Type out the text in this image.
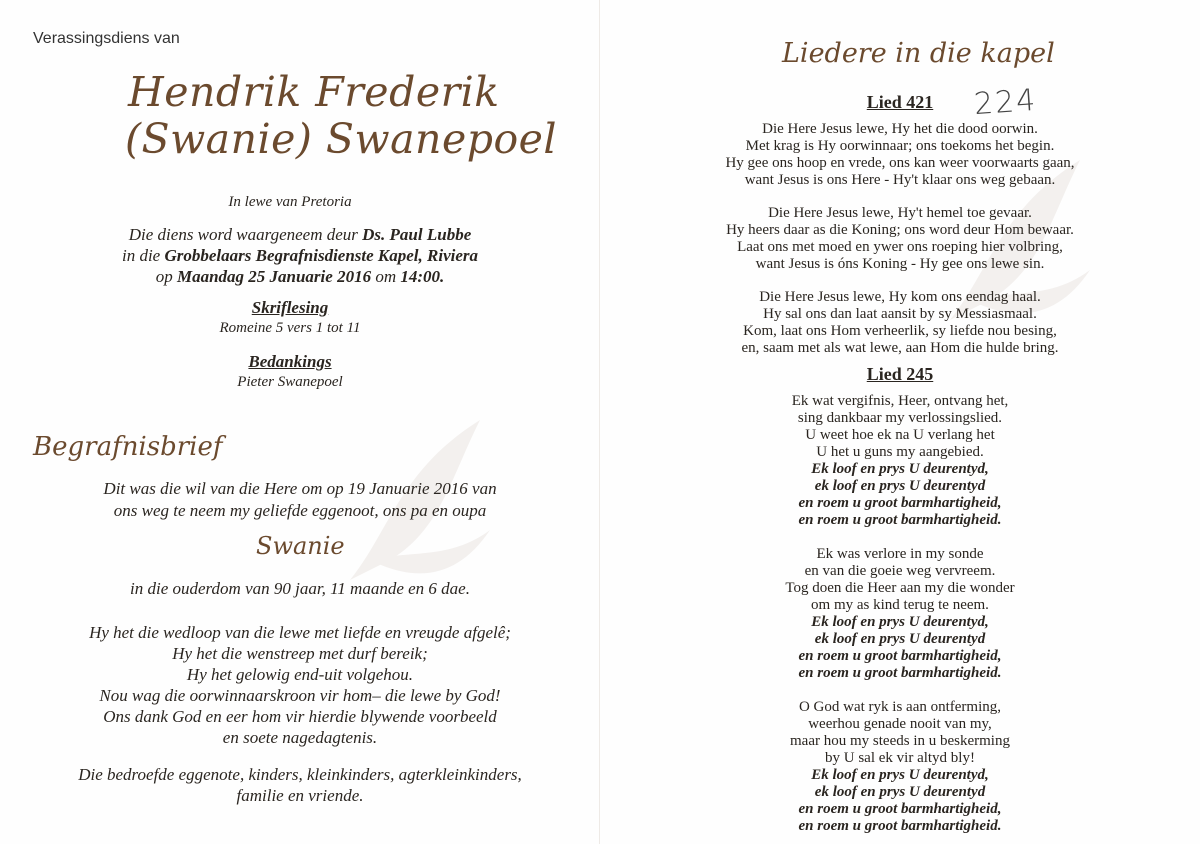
Verassingsdiens van
Hendrik Frederik
(Swanie) Swanepoel
In lewe van Pretoria
Die diens word waargeneem deur Ds. Paul Lubbe
in die Grobbelaars Begrafnisdienste Kapel, Riviera
op Maandag 25 Januarie 2016 om 14:00.
Skriflesing
Romeine 5 vers 1 tot 11
Bedankings
Pieter Swanepoel
Begrafnisbrief
Dit was die wil van die Here om op 19 Januarie 2016 van
ons weg te neem my geliefde eggenoot, ons pa en oupa
Swanie
in die ouderdom van 90 jaar, 11 maande en 6 dae.
Hy het die wedloop van die lewe met liefde en vreugde afgelê;
Hy het die wenstreep met durf bereik;
Hy het gelowig end-uit volgehou.
Nou wag die oorwinnaarskroon vir hom– die lewe by God!
Ons dank God en eer hom vir hierdie blywende voorbeeld
en soete nagedagtenis.
Die bedroefde eggenote, kinders, kleinkinders, agterkleinkinders,
familie en vriende.
Liedere in die kapel
224
Lied 421
Die Here Jesus lewe, Hy het die dood oorwin.
Met krag is Hy oorwinnaar; ons toekoms het begin.
Hy gee ons hoop en vrede, ons kan weer voorwaarts gaan,
want Jesus is ons Here - Hy't klaar ons weg gebaan.
Die Here Jesus lewe, Hy't hemel toe gevaar.
Hy heers daar as die Koning; ons word deur Hom bewaar.
Laat ons met moed en ywer ons roeping hier volbring,
want Jesus is óns Koning - Hy gee ons lewe sin.
Die Here Jesus lewe, Hy kom ons eendag haal.
Hy sal ons dan laat aansit by sy Messiasmaal.
Kom, laat ons Hom verheerlik, sy liefde nou besing,
en, saam met als wat lewe, aan Hom die hulde bring.
Lied 245
Ek wat vergifnis, Heer, ontvang het,
sing dankbaar my verlossingslied.
U weet hoe ek na U verlang het
U het u guns my aangebied.
Ek loof en prys U deurentyd,
ek loof en prys U deurentyd
en roem u groot barmhartigheid,
en roem u groot barmhartigheid.
Ek was verlore in my sonde
en van die goeie weg vervreem.
Tog doen die Heer aan my die wonder
om my as kind terug te neem.
Ek loof en prys U deurentyd,
ek loof en prys U deurentyd
en roem u groot barmhartigheid,
en roem u groot barmhartigheid.
O God wat ryk is aan ontferming,
weerhou genade nooit van my,
maar hou my steeds in u beskerming
by U sal ek vir altyd bly!
Ek loof en prys U deurentyd,
ek loof en prys U deurentyd
en roem u groot barmhartigheid,
en roem u groot barmhartigheid.
